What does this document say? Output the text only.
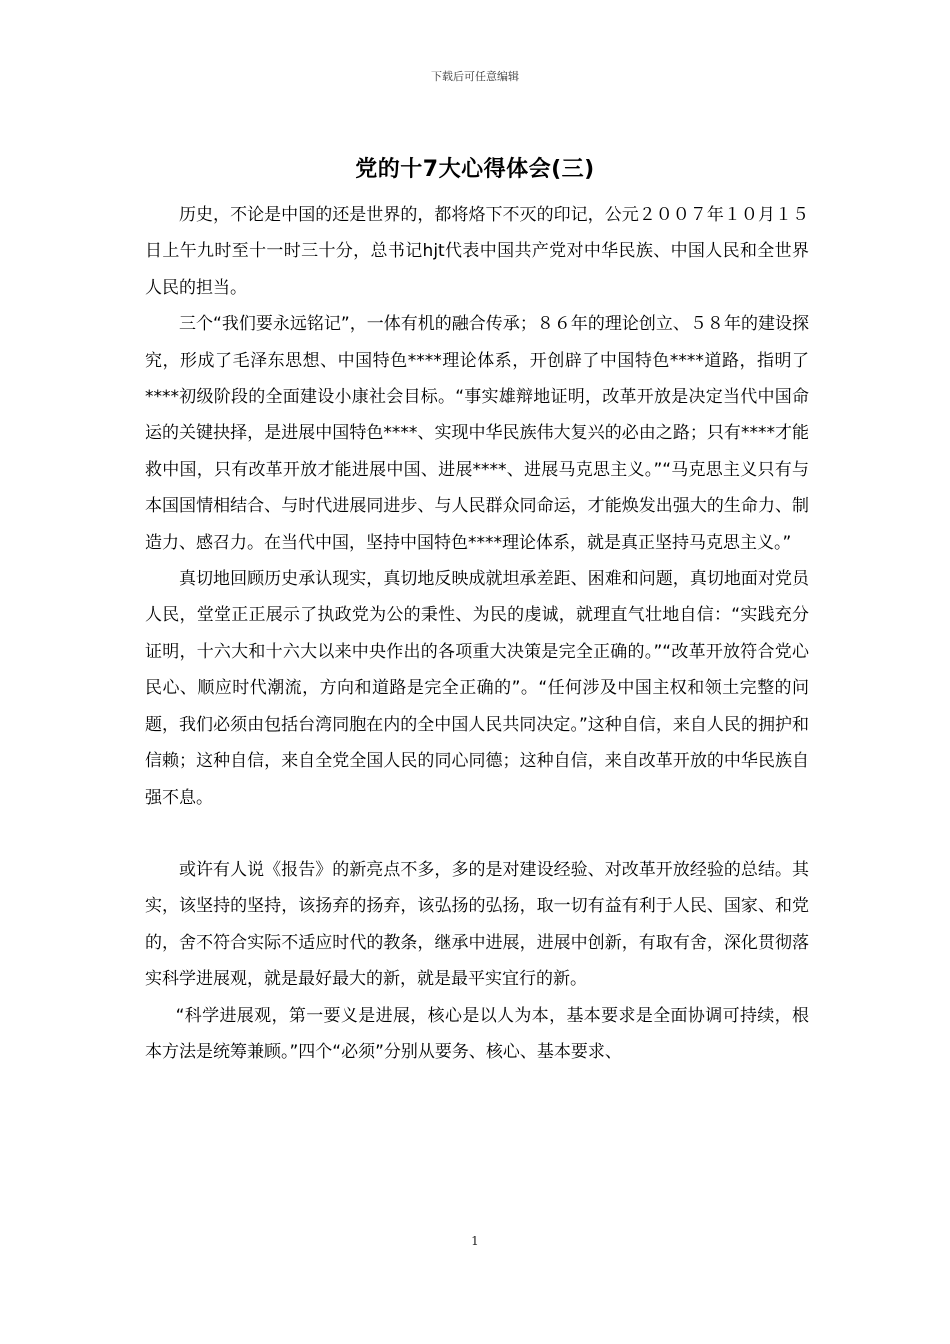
下载后可任意编辑
党的十7大心得体会(三)

历史，不论是中国的还是世界的，都将烙下不灭的印记，公元２００７年１０月１５日上午九时至十一时三十分，总书记hjt代表中国共产党对中华民族、中国人民和全世界人民的担当。

三个“我们要永远铭记”，一体有机的融合传承；８６年的理论创立、５８年的建设探究，形成了毛泽东思想、中国特色****理论体系，开创辟了中国特色****道路，指明了****初级阶段的全面建设小康社会目标。“事实雄辩地证明，改革开放是决定当代中国命运的关键抉择，是进展中国特色****、实现中华民族伟大复兴的必由之路；只有****才能救中国，只有改革开放才能进展中国、进展****、进展马克思主义。”“马克思主义只有与本国国情相结合、与时代进展同进步、与人民群众同命运，才能焕发出强大的生命力、制造力、感召力。在当代中国，坚持中国特色****理论体系，就是真正坚持马克思主义。”

真切地回顾历史承认现实，真切地反映成就坦承差距、困难和问题，真切地面对党员人民，堂堂正正展示了执政党为公的秉性、为民的虔诚，就理直气壮地自信：“实践充分证明，十六大和十六大以来中央作出的各项重大决策是完全正确的。”“改革开放符合党心民心、顺应时代潮流，方向和道路是完全正确的”。“任何涉及中国主权和领土完整的问题，我们必须由包括台湾同胞在内的全中国人民共同决定。”这种自信，来自人民的拥护和信赖；这种自信，来自全党全国人民的同心同德；这种自信，来自改革开放的中华民族自强不息。

或许有人说《报告》的新亮点不多，多的是对建设经验、对改革开放经验的总结。其实，该坚持的坚持，该扬弃的扬弃，该弘扬的弘扬，取一切有益有利于人民、国家、和党的，舍不符合实际不适应时代的教条，继承中进展，进展中创新，有取有舍，深化贯彻落实科学进展观，就是最好最大的新，就是最平实宜行的新。

“科学进展观，第一要义是进展，核心是以人为本，基本要求是全面协调可持续，根本方法是统筹兼顾。”四个“必须”分别从要务、核心、基本要求、

1
